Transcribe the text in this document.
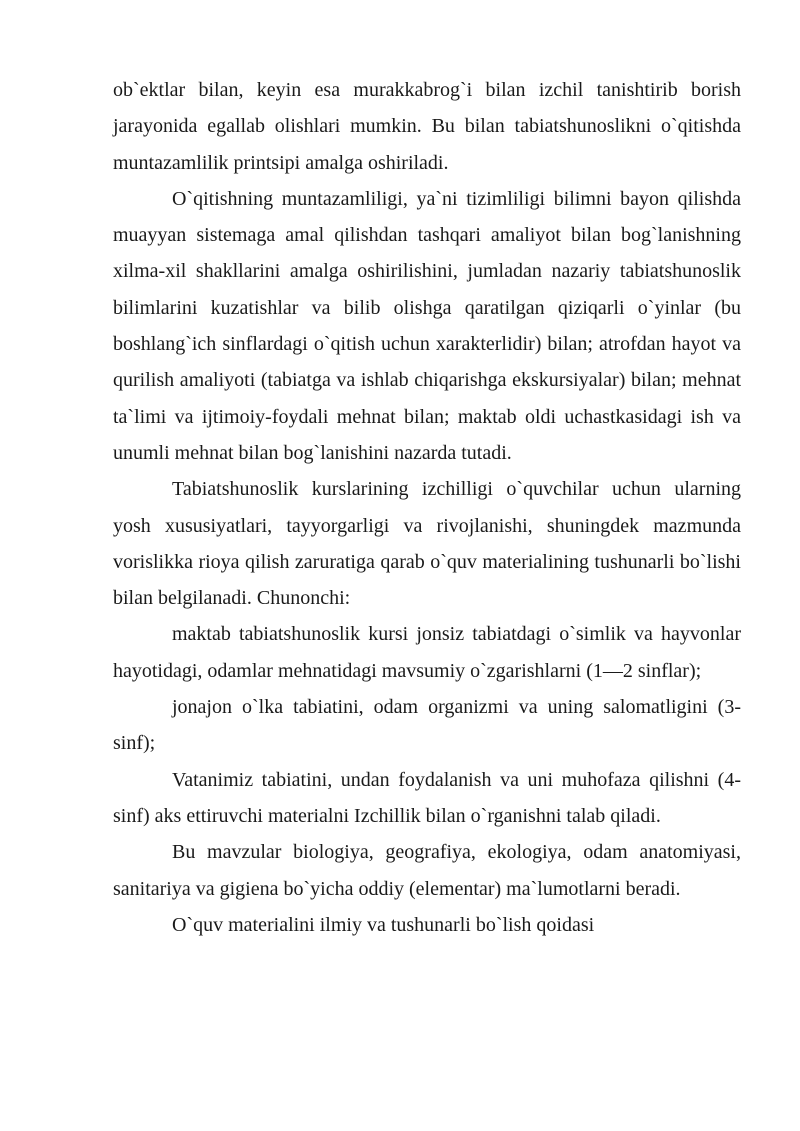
ob`ektlar bilan, keyin esa murakkabrog`i bilan izchil tanishtirib borish jarayonida egallab olishlari mumkin. Bu bilan tabiatshunoslikni o`qitishda muntazamlilik printsipi amalga oshiriladi.

O`qitishning muntazamliligi, ya`ni tizimliligi bilimni bayon qilishda muayyan sistemaga amal qilishdan tashqari amaliyot bilan bog`lanishning xilma-xil shakllarini amalga oshirilishini, jumladan nazariy tabiatshunoslik bilimlarini kuzatishlar va bilib olishga qaratilgan qiziqarli o`yinlar (bu boshlang`ich sinflardagi o`qitish uchun xarakterlidir) bilan; atrofdan hayot va qurilish amaliyoti (tabiatga va ishlab chiqarishga ekskursiyalar) bilan; mehnat ta`limi va ijtimoiy-foydali mehnat bilan; maktab oldi uchastkasidagi ish va unumli mehnat bilan bog`lanishini nazarda tutadi.

Tabiatshunoslik kurslarining izchilligi o`quvchilar uchun ularning yosh xususiyatlari, tayyorgarligi va rivojlanishi, shuningdek mazmunda vorislikka rioya qilish zaruratiga qarab o`quv materialining tushunarli bo`lishi bilan belgilanadi. Chunonchi:

maktab tabiatshunoslik kursi jonsiz tabiatdagi o`simlik va hayvonlar hayotidagi, odamlar mehnatidagi mavsumiy o`zgarishlarni (1—2 sinflar);

jonajon o`lka tabiatini, odam organizmi va uning salomatligini (3-sinf);

Vatanimiz tabiatini, undan foydalanish va uni muhofaza qilishni (4-sinf) aks ettiruvchi materialni Izchillik bilan o`rganishni talab qiladi.

Bu mavzular biologiya, geografiya, ekologiya, odam anatomiyasi, sanitariya va gigiena bo`yicha oddiy (elementar) ma`lumotlarni beradi.

O`quv materialini ilmiy va tushunarli bo`lish qoidasi
